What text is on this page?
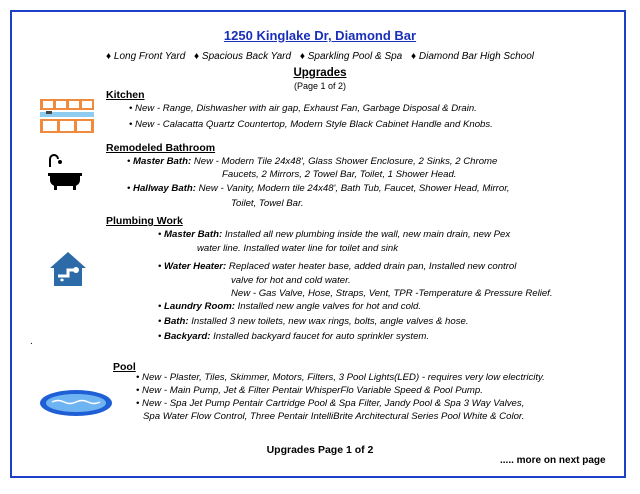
1250 Kinglake Dr, Diamond Bar
♦ Long Front Yard ♦ Spacious Back Yard ♦ Sparkling Pool & Spa ♦ Diamond Bar High School
Upgrades
(Page 1 of 2)
Kitchen
• New - Range, Dishwasher with air gap, Exhaust Fan, Garbage Disposal & Drain.
• New - Calacatta Quartz Countertop, Modern Style Black Cabinet Handle and Knobs.
Remodeled Bathroom
• Master Bath: New - Modern Tile 24x48', Glass Shower Enclosure, 2 Sinks, 2 Chrome
Faucets, 2 Mirrors, 2 Towel Bar, Toilet, 1 Shower Head.
• Hallway Bath: New - Vanity, Modern tile 24x48', Bath Tub, Faucet, Shower Head, Mirror,
Toilet, Towel Bar.
Plumbing Work
• Master Bath: Installed all new plumbing inside the wall, new main drain, new Pex
water line. Installed water line for toilet and sink
• Water Heater: Replaced water heater base, added drain pan, Installed new control
valve for hot and cold water.
New - Gas Valve, Hose, Straps, Vent, TPR -Temperature & Pressure Relief.
• Laundry Room: Installed new angle valves for hot and cold.
• Bath: Installed 3 new toilets, new wax rings, bolts, angle valves & hose.
• Backyard: Installed backyard faucet for auto sprinkler system.
.
Pool
• New - Plaster, Tiles, Skimmer, Motors, Filters, 3 Pool Lights(LED) - requires very low electricity.
• New - Main Pump, Jet & Filter Pentair WhisperFlo Variable Speed & Pool Pump.
• New - Spa Jet Pump Pentair Cartridge Pool & Spa Filter, Jandy Pool & Spa 3 Way Valves,
Spa Water Flow Control, Three Pentair IntelliBrite Architectural Series Pool White & Color.
Upgrades Page 1 of 2
..... more on next page
